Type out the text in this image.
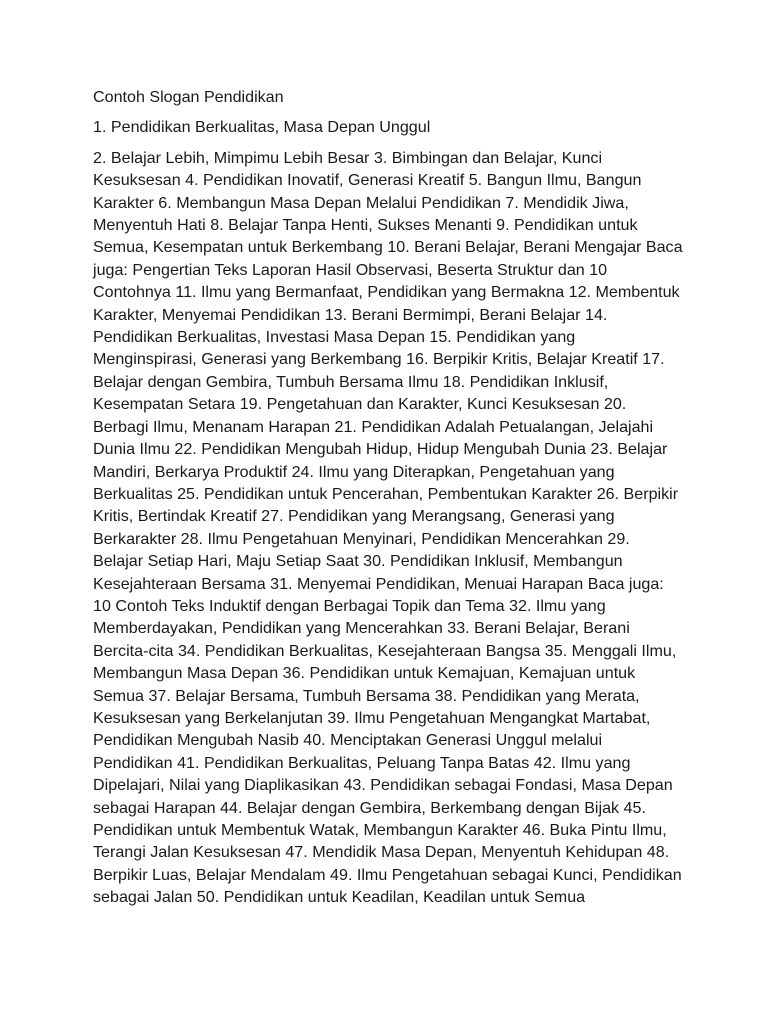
Contoh Slogan Pendidikan

1. Pendidikan Berkualitas, Masa Depan Unggul

2. Belajar Lebih, Mimpimu Lebih Besar 3. Bimbingan dan Belajar, Kunci Kesuksesan 4. Pendidikan Inovatif, Generasi Kreatif 5. Bangun Ilmu, Bangun Karakter 6. Membangun Masa Depan Melalui Pendidikan 7. Mendidik Jiwa, Menyentuh Hati 8. Belajar Tanpa Henti, Sukses Menanti 9. Pendidikan untuk Semua, Kesempatan untuk Berkembang 10. Berani Belajar, Berani Mengajar Baca juga: Pengertian Teks Laporan Hasil Observasi, Beserta Struktur dan 10 Contohnya 11. Ilmu yang Bermanfaat, Pendidikan yang Bermakna 12. Membentuk Karakter, Menyemai Pendidikan 13. Berani Bermimpi, Berani Belajar 14. Pendidikan Berkualitas, Investasi Masa Depan 15. Pendidikan yang Menginspirasi, Generasi yang Berkembang 16. Berpikir Kritis, Belajar Kreatif 17. Belajar dengan Gembira, Tumbuh Bersama Ilmu 18. Pendidikan Inklusif, Kesempatan Setara 19. Pengetahuan dan Karakter, Kunci Kesuksesan 20. Berbagi Ilmu, Menanam Harapan 21. Pendidikan Adalah Petualangan, Jelajahi Dunia Ilmu 22. Pendidikan Mengubah Hidup, Hidup Mengubah Dunia 23. Belajar Mandiri, Berkarya Produktif 24. Ilmu yang Diterapkan, Pengetahuan yang Berkualitas 25. Pendidikan untuk Pencerahan, Pembentukan Karakter 26. Berpikir Kritis, Bertindak Kreatif 27. Pendidikan yang Merangsang, Generasi yang Berkarakter 28. Ilmu Pengetahuan Menyinari, Pendidikan Mencerahkan 29. Belajar Setiap Hari, Maju Setiap Saat 30. Pendidikan Inklusif, Membangun Kesejahteraan Bersama 31. Menyemai Pendidikan, Menuai Harapan Baca juga: 10 Contoh Teks Induktif dengan Berbagai Topik dan Tema 32. Ilmu yang Memberdayakan, Pendidikan yang Mencerahkan 33. Berani Belajar, Berani Bercita-cita 34. Pendidikan Berkualitas, Kesejahteraan Bangsa 35. Menggali Ilmu, Membangun Masa Depan 36. Pendidikan untuk Kemajuan, Kemajuan untuk Semua 37. Belajar Bersama, Tumbuh Bersama 38. Pendidikan yang Merata, Kesuksesan yang Berkelanjutan 39. Ilmu Pengetahuan Mengangkat Martabat, Pendidikan Mengubah Nasib 40. Menciptakan Generasi Unggul melalui Pendidikan 41. Pendidikan Berkualitas, Peluang Tanpa Batas 42. Ilmu yang Dipelajari, Nilai yang Diaplikasikan 43. Pendidikan sebagai Fondasi, Masa Depan sebagai Harapan 44. Belajar dengan Gembira, Berkembang dengan Bijak 45. Pendidikan untuk Membentuk Watak, Membangun Karakter 46. Buka Pintu Ilmu, Terangi Jalan Kesuksesan 47. Mendidik Masa Depan, Menyentuh Kehidupan 48. Berpikir Luas, Belajar Mendalam 49. Ilmu Pengetahuan sebagai Kunci, Pendidikan sebagai Jalan 50. Pendidikan untuk Keadilan, Keadilan untuk Semua
